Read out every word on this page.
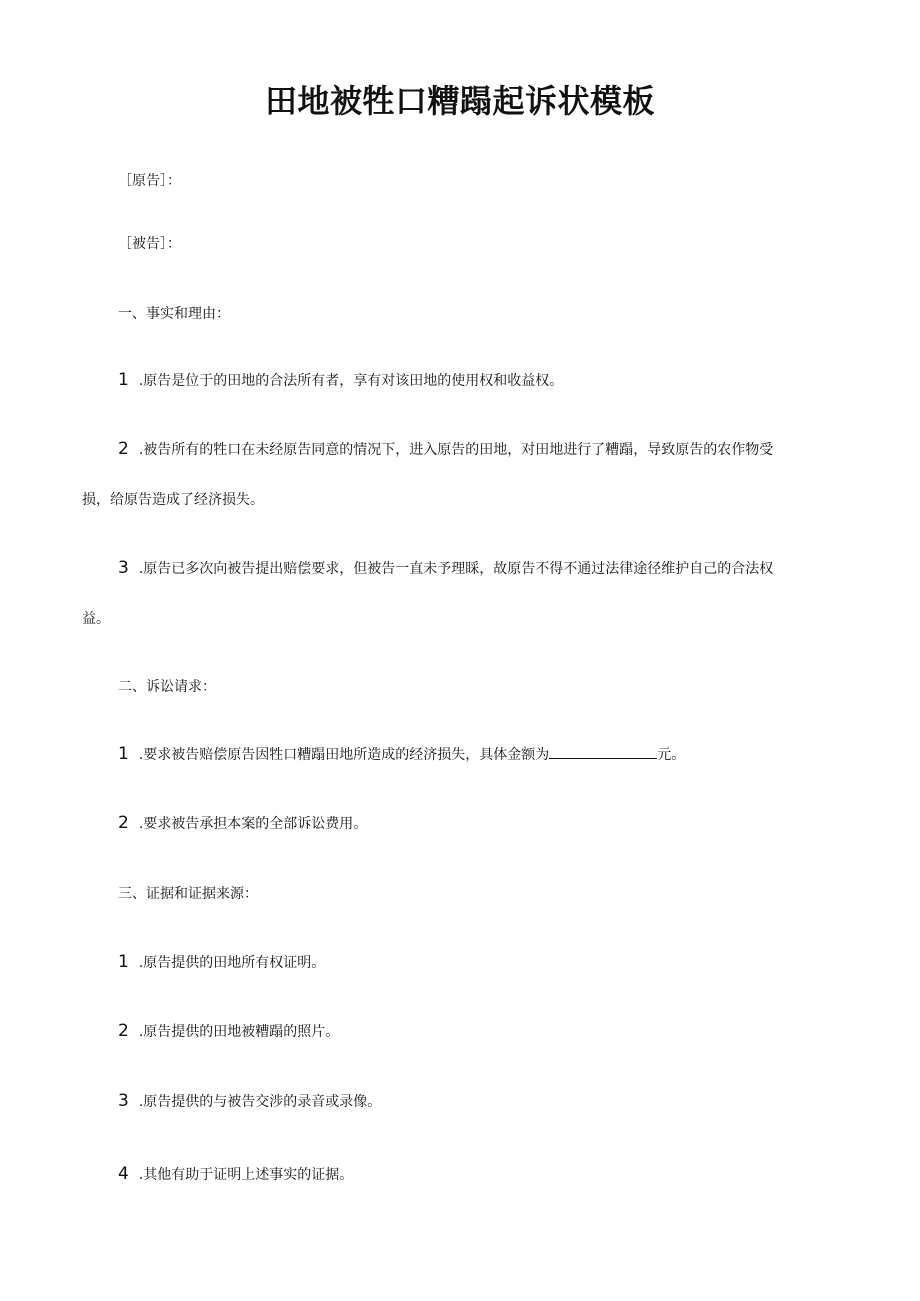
田地被牲口糟蹋起诉状模板
［原告］：
［被告］：
一、事实和理由：
1 .原告是位于的田地的合法所有者，享有对该田地的使用权和收益权。
2 .被告所有的牲口在未经原告同意的情况下，进入原告的田地，对田地进行了糟蹋，导致原告的农作物受
损，给原告造成了经济损失。
3 .原告已多次向被告提出赔偿要求，但被告一直未予理睬，故原告不得不通过法律途径维护自己的合法权
益。
二、诉讼请求：
1 .要求被告赔偿原告因牲口糟蹋田地所造成的经济损失，具体金额为	元。
2 .要求被告承担本案的全部诉讼费用。
三、证据和证据来源：
1 .原告提供的田地所有权证明。
2 .原告提供的田地被糟蹋的照片。
3 .原告提供的与被告交涉的录音或录像。
4 .其他有助于证明上述事实的证据。
